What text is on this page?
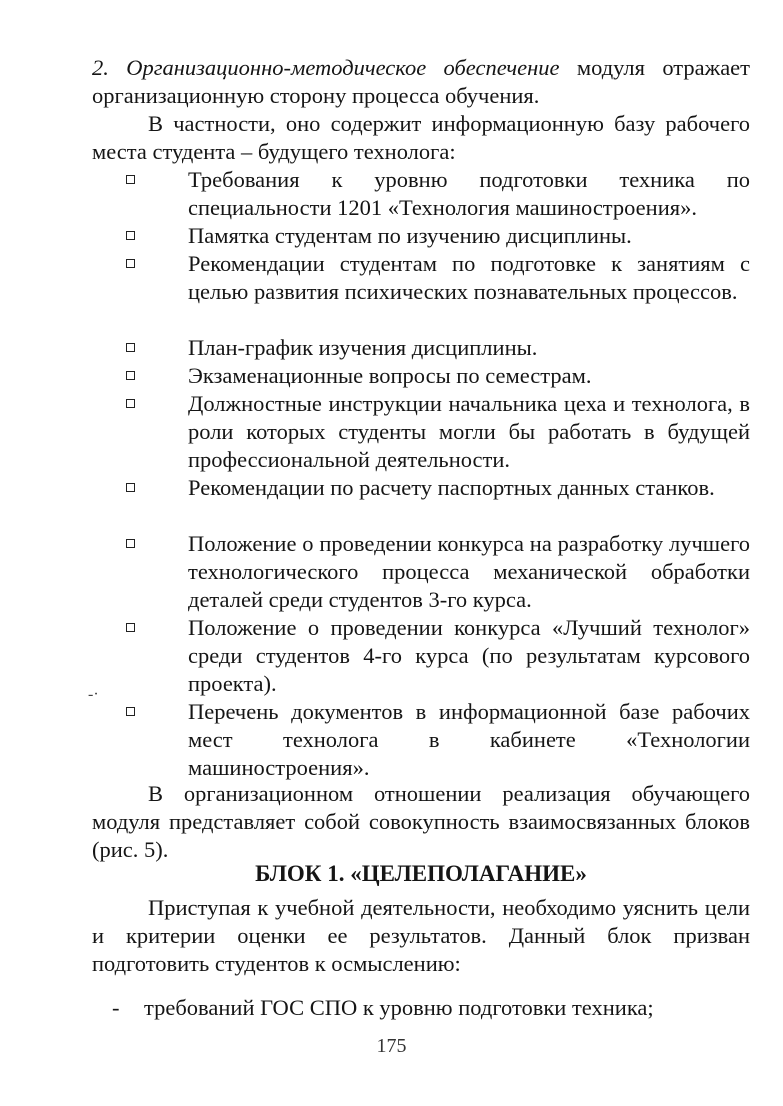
2. Организационно-методическое обеспечение модуля отражает организационную сторону процесса обучения.
В частности, оно содержит информационную базу рабочего места студента – будущего технолога:
Требования к уровню подготовки техника по специальности 1201 «Технология машиностроения».
Памятка студентам по изучению дисциплины.
Рекомендации студентам по подготовке к занятиям с целью развития психических познавательных процессов.
План-график изучения дисциплины.
Экзаменационные вопросы по семестрам.
Должностные инструкции начальника цеха и технолога, в роли которых студенты могли бы работать в будущей профессиональной деятельности.
Рекомендации по расчету паспортных данных станков.
Положение о проведении конкурса на разработку лучшего технологического процесса механической обработки деталей среди студентов 3-го курса.
Положение о проведении конкурса «Лучший технолог» среди студентов 4-го курса (по результатам курсового проекта).
-·
Перечень документов в информационной базе рабочих мест технолога в кабинете «Технологии машиностроения».
В организационном отношении реализация обучающего модуля представляет собой совокупность взаимосвязанных блоков (рис. 5).
БЛОК 1. «ЦЕЛЕПОЛАГАНИЕ»
Приступая к учебной деятельности, необходимо уяснить цели и критерии оценки ее результатов. Данный блок призван подготовить студентов к осмыслению:
- требований ГОС СПО к уровню подготовки техника;
175
